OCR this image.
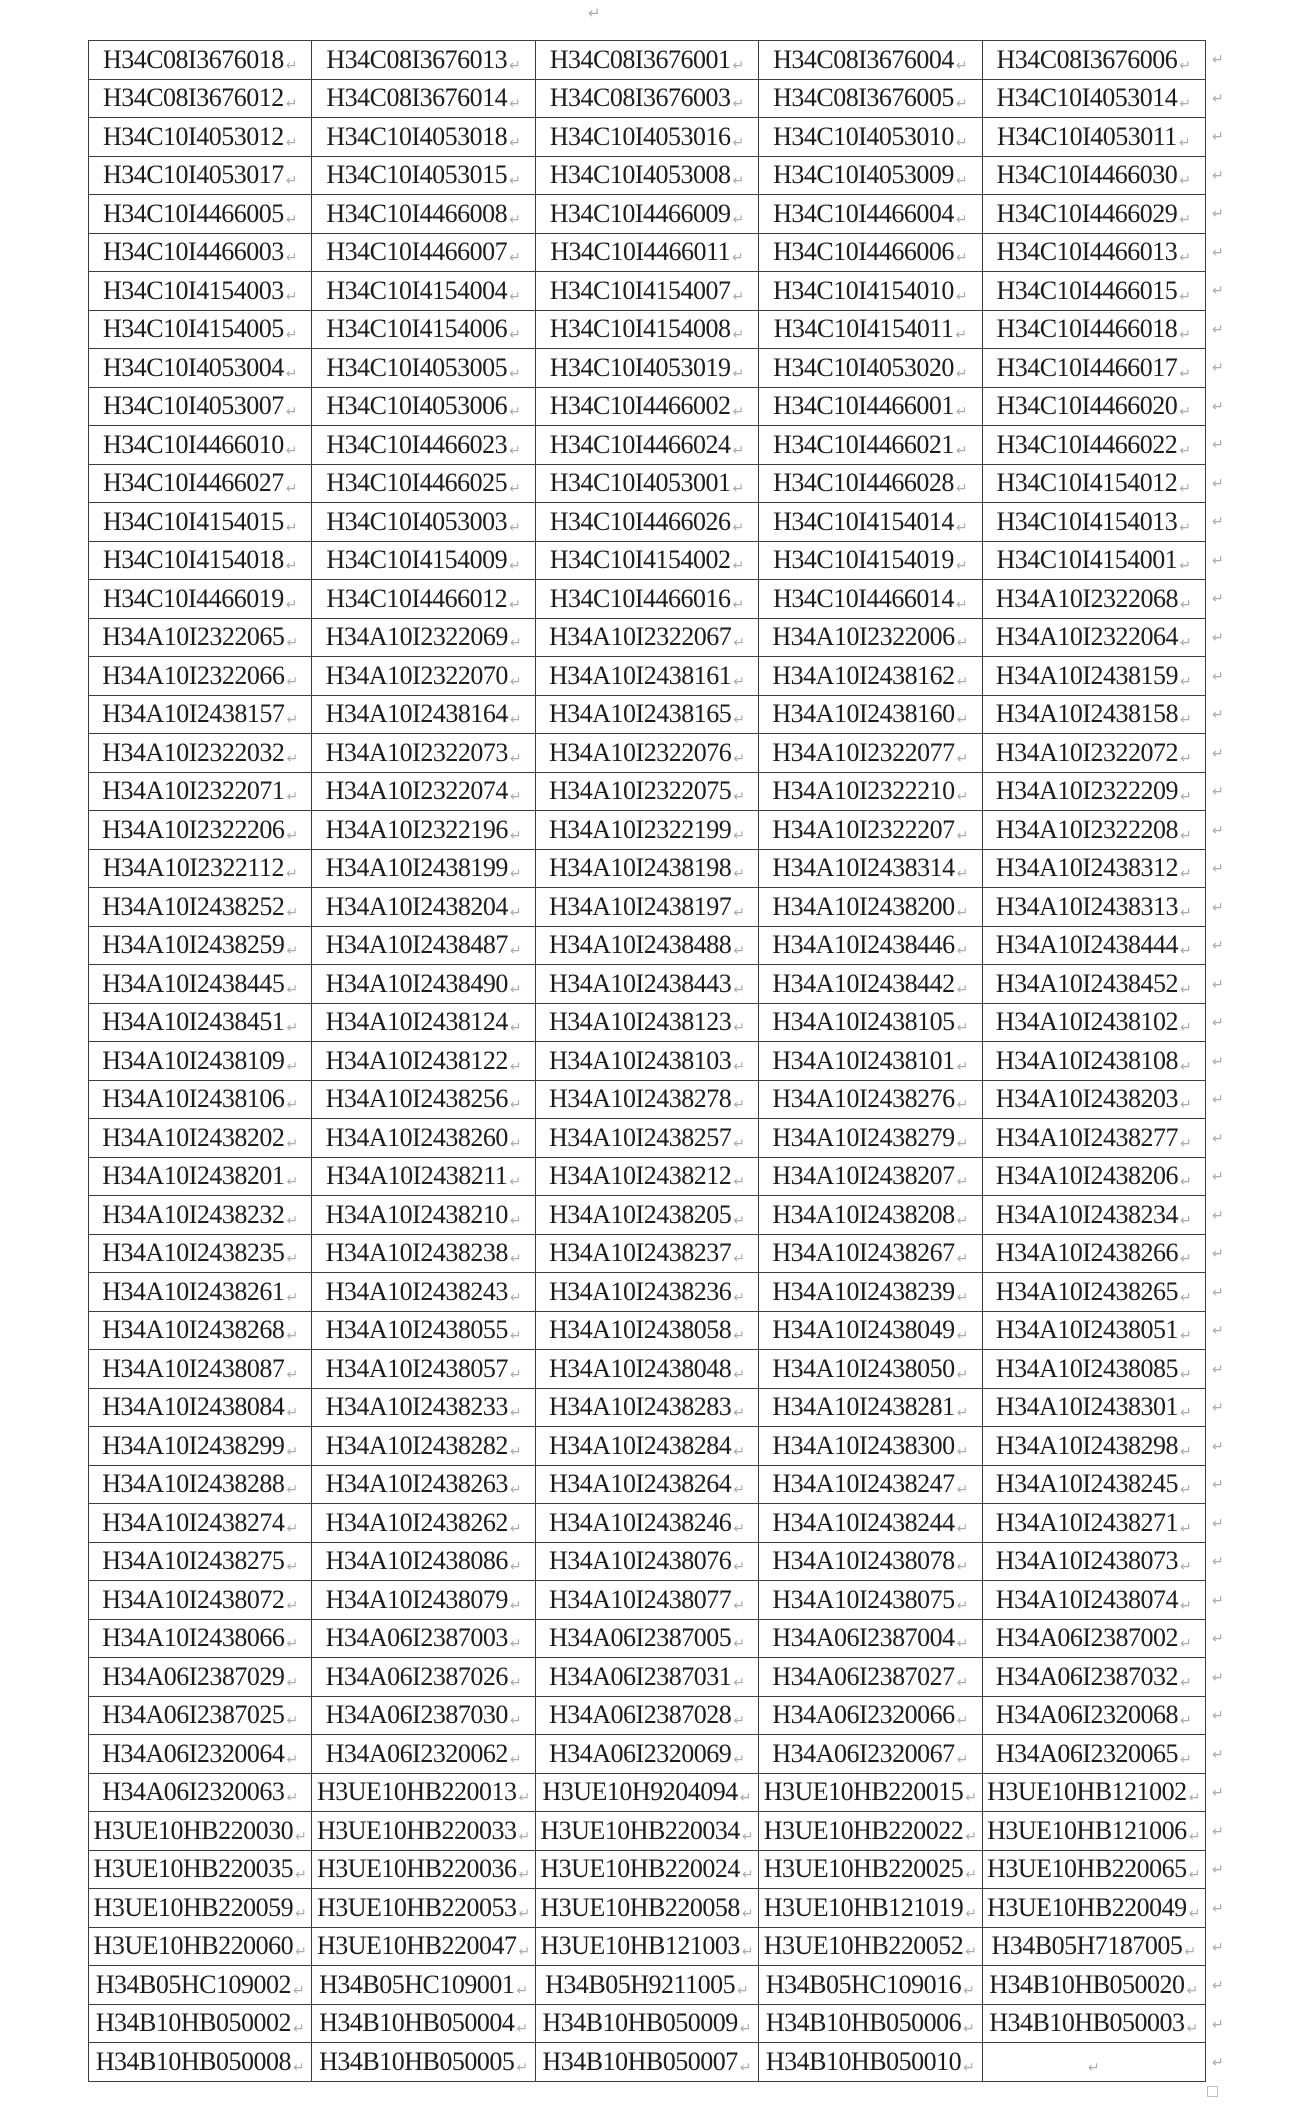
↵
H34C08I3676018 ↵	H34C08I3676013 ↵	H34C08I3676001 ↵	H34C08I3676004 ↵	H34C08I3676006 ↵
H34C08I3676012 ↵	H34C08I3676014 ↵	H34C08I3676003 ↵	H34C08I3676005 ↵	H34C10I4053014 ↵
H34C10I4053012 ↵	H34C10I4053018 ↵	H34C10I4053016 ↵	H34C10I4053010 ↵	H34C10I4053011 ↵
H34C10I4053017 ↵	H34C10I4053015 ↵	H34C10I4053008 ↵	H34C10I4053009 ↵	H34C10I4466030 ↵
H34C10I4466005 ↵	H34C10I4466008 ↵	H34C10I4466009 ↵	H34C10I4466004 ↵	H34C10I4466029 ↵
H34C10I4466003 ↵	H34C10I4466007 ↵	H34C10I4466011 ↵	H34C10I4466006 ↵	H34C10I4466013 ↵
H34C10I4154003 ↵	H34C10I4154004 ↵	H34C10I4154007 ↵	H34C10I4154010 ↵	H34C10I4466015 ↵
H34C10I4154005 ↵	H34C10I4154006 ↵	H34C10I4154008 ↵	H34C10I4154011 ↵	H34C10I4466018 ↵
H34C10I4053004 ↵	H34C10I4053005 ↵	H34C10I4053019 ↵	H34C10I4053020 ↵	H34C10I4466017 ↵
H34C10I4053007 ↵	H34C10I4053006 ↵	H34C10I4466002 ↵	H34C10I4466001 ↵	H34C10I4466020 ↵
H34C10I4466010 ↵	H34C10I4466023 ↵	H34C10I4466024 ↵	H34C10I4466021 ↵	H34C10I4466022 ↵
H34C10I4466027 ↵	H34C10I4466025 ↵	H34C10I4053001 ↵	H34C10I4466028 ↵	H34C10I4154012 ↵
H34C10I4154015 ↵	H34C10I4053003 ↵	H34C10I4466026 ↵	H34C10I4154014 ↵	H34C10I4154013 ↵
H34C10I4154018 ↵	H34C10I4154009 ↵	H34C10I4154002 ↵	H34C10I4154019 ↵	H34C10I4154001 ↵
H34C10I4466019 ↵	H34C10I4466012 ↵	H34C10I4466016 ↵	H34C10I4466014 ↵	H34A10I2322068 ↵
H34A10I2322065 ↵	H34A10I2322069 ↵	H34A10I2322067 ↵	H34A10I2322006 ↵	H34A10I2322064 ↵
H34A10I2322066 ↵	H34A10I2322070 ↵	H34A10I2438161 ↵	H34A10I2438162 ↵	H34A10I2438159 ↵
H34A10I2438157 ↵	H34A10I2438164 ↵	H34A10I2438165 ↵	H34A10I2438160 ↵	H34A10I2438158 ↵
H34A10I2322032 ↵	H34A10I2322073 ↵	H34A10I2322076 ↵	H34A10I2322077 ↵	H34A10I2322072 ↵
H34A10I2322071 ↵	H34A10I2322074 ↵	H34A10I2322075 ↵	H34A10I2322210 ↵	H34A10I2322209 ↵
H34A10I2322206 ↵	H34A10I2322196 ↵	H34A10I2322199 ↵	H34A10I2322207 ↵	H34A10I2322208 ↵
H34A10I2322112 ↵	H34A10I2438199 ↵	H34A10I2438198 ↵	H34A10I2438314 ↵	H34A10I2438312 ↵
H34A10I2438252 ↵	H34A10I2438204 ↵	H34A10I2438197 ↵	H34A10I2438200 ↵	H34A10I2438313 ↵
H34A10I2438259 ↵	H34A10I2438487 ↵	H34A10I2438488 ↵	H34A10I2438446 ↵	H34A10I2438444 ↵
H34A10I2438445 ↵	H34A10I2438490 ↵	H34A10I2438443 ↵	H34A10I2438442 ↵	H34A10I2438452 ↵
H34A10I2438451 ↵	H34A10I2438124 ↵	H34A10I2438123 ↵	H34A10I2438105 ↵	H34A10I2438102 ↵
H34A10I2438109 ↵	H34A10I2438122 ↵	H34A10I2438103 ↵	H34A10I2438101 ↵	H34A10I2438108 ↵
H34A10I2438106 ↵	H34A10I2438256 ↵	H34A10I2438278 ↵	H34A10I2438276 ↵	H34A10I2438203 ↵
H34A10I2438202 ↵	H34A10I2438260 ↵	H34A10I2438257 ↵	H34A10I2438279 ↵	H34A10I2438277 ↵
H34A10I2438201 ↵	H34A10I2438211 ↵	H34A10I2438212 ↵	H34A10I2438207 ↵	H34A10I2438206 ↵
H34A10I2438232 ↵	H34A10I2438210 ↵	H34A10I2438205 ↵	H34A10I2438208 ↵	H34A10I2438234 ↵
H34A10I2438235 ↵	H34A10I2438238 ↵	H34A10I2438237 ↵	H34A10I2438267 ↵	H34A10I2438266 ↵
H34A10I2438261 ↵	H34A10I2438243 ↵	H34A10I2438236 ↵	H34A10I2438239 ↵	H34A10I2438265 ↵
H34A10I2438268 ↵	H34A10I2438055 ↵	H34A10I2438058 ↵	H34A10I2438049 ↵	H34A10I2438051 ↵
H34A10I2438087 ↵	H34A10I2438057 ↵	H34A10I2438048 ↵	H34A10I2438050 ↵	H34A10I2438085 ↵
H34A10I2438084 ↵	H34A10I2438233 ↵	H34A10I2438283 ↵	H34A10I2438281 ↵	H34A10I2438301 ↵
H34A10I2438299 ↵	H34A10I2438282 ↵	H34A10I2438284 ↵	H34A10I2438300 ↵	H34A10I2438298 ↵
H34A10I2438288 ↵	H34A10I2438263 ↵	H34A10I2438264 ↵	H34A10I2438247 ↵	H34A10I2438245 ↵
H34A10I2438274 ↵	H34A10I2438262 ↵	H34A10I2438246 ↵	H34A10I2438244 ↵	H34A10I2438271 ↵
H34A10I2438275 ↵	H34A10I2438086 ↵	H34A10I2438076 ↵	H34A10I2438078 ↵	H34A10I2438073 ↵
H34A10I2438072 ↵	H34A10I2438079 ↵	H34A10I2438077 ↵	H34A10I2438075 ↵	H34A10I2438074 ↵
H34A10I2438066 ↵	H34A06I2387003 ↵	H34A06I2387005 ↵	H34A06I2387004 ↵	H34A06I2387002 ↵
H34A06I2387029 ↵	H34A06I2387026 ↵	H34A06I2387031 ↵	H34A06I2387027 ↵	H34A06I2387032 ↵
H34A06I2387025 ↵	H34A06I2387030 ↵	H34A06I2387028 ↵	H34A06I2320066 ↵	H34A06I2320068 ↵
H34A06I2320064 ↵	H34A06I2320062 ↵	H34A06I2320069 ↵	H34A06I2320067 ↵	H34A06I2320065 ↵
H34A06I2320063 ↵	H3UE10HB220013 ↵	H3UE10H9204094 ↵	H3UE10HB220015 ↵	H3UE10HB121002 ↵
H3UE10HB220030 ↵	H3UE10HB220033 ↵	H3UE10HB220034 ↵	H3UE10HB220022 ↵	H3UE10HB121006 ↵
H3UE10HB220035 ↵	H3UE10HB220036 ↵	H3UE10HB220024 ↵	H3UE10HB220025 ↵	H3UE10HB220065 ↵
H3UE10HB220059 ↵	H3UE10HB220053 ↵	H3UE10HB220058 ↵	H3UE10HB121019 ↵	H3UE10HB220049 ↵
H3UE10HB220060 ↵	H3UE10HB220047 ↵	H3UE10HB121003 ↵	H3UE10HB220052 ↵	H34B05H7187005 ↵
H34B05HC109002 ↵	H34B05HC109001 ↵	H34B05H9211005 ↵	H34B05HC109016 ↵	H34B10HB050020 ↵
H34B10HB050002 ↵	H34B10HB050004 ↵	H34B10HB050009 ↵	H34B10HB050006 ↵	H34B10HB050003 ↵
H34B10HB050008 ↵	H34B10HB050005 ↵	H34B10HB050007 ↵	H34B10HB050010 ↵	↵
↵
↵
↵
↵
↵
↵
↵
↵
↵
↵
↵
↵
↵
↵
↵
↵
↵
↵
↵
↵
↵
↵
↵
↵
↵
↵
↵
↵
↵
↵
↵
↵
↵
↵
↵
↵
↵
↵
↵
↵
↵
↵
↵
↵
↵
↵
↵
↵
↵
↵
↵
↵
↵
